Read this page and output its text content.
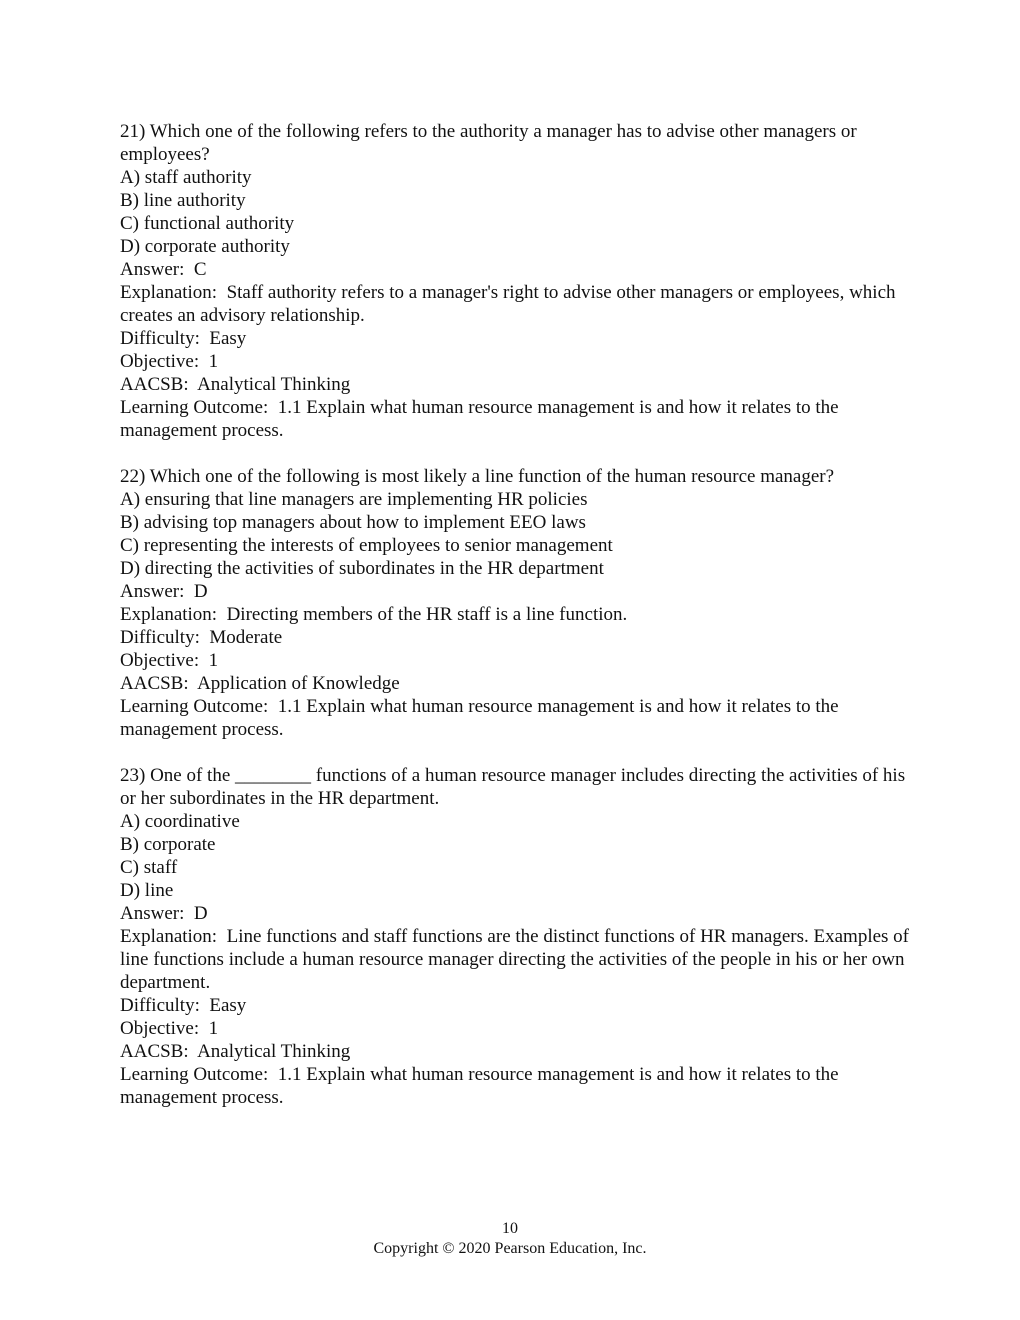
21) Which one of the following refers to the authority a manager has to advise other managers or employees?
A) staff authority
B) line authority
C) functional authority
D) corporate authority
Answer:  C
Explanation:  Staff authority refers to a manager's right to advise other managers or employees, which creates an advisory relationship.
Difficulty:  Easy
Objective:  1
AACSB:  Analytical Thinking
Learning Outcome:  1.1 Explain what human resource management is and how it relates to the management process.
22) Which one of the following is most likely a line function of the human resource manager?
A) ensuring that line managers are implementing HR policies
B) advising top managers about how to implement EEO laws
C) representing the interests of employees to senior management
D) directing the activities of subordinates in the HR department
Answer:  D
Explanation:  Directing members of the HR staff is a line function.
Difficulty:  Moderate
Objective:  1
AACSB:  Application of Knowledge
Learning Outcome:  1.1 Explain what human resource management is and how it relates to the management process.
23) One of the ________ functions of a human resource manager includes directing the activities of his or her subordinates in the HR department.
A) coordinative
B) corporate
C) staff
D) line
Answer:  D
Explanation:  Line functions and staff functions are the distinct functions of HR managers. Examples of line functions include a human resource manager directing the activities of the people in his or her own department.
Difficulty:  Easy
Objective:  1
AACSB:  Analytical Thinking
Learning Outcome:  1.1 Explain what human resource management is and how it relates to the management process.
10
Copyright © 2020 Pearson Education, Inc.
